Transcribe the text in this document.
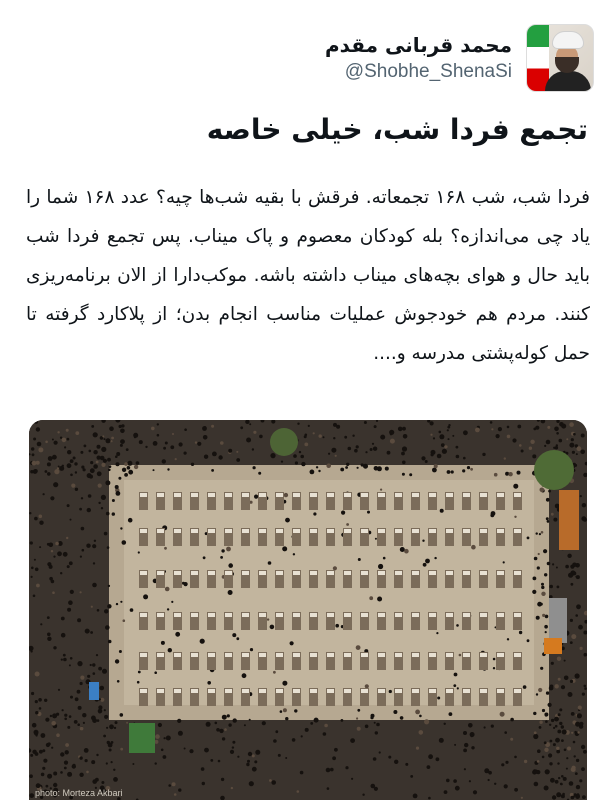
محمد قربانی مقدم
@Shobhe_ShenaSi
تجمع فردا شب، خیلی خاصه
فردا شب، شب ۱۶۸ تجمعاته. فرقش با بقیه شب‌ها چیه؟ عدد ۱۶۸ شما را یاد چی می‌اندازه؟ بله کودکان معصوم و پاک میناب. پس تجمع فردا شب باید حال و هوای بچه‌های میناب داشته باشه. موکب‌دارا از الان برنامه‌ریزی کنند. مردم هم خودجوش عملیات مناسب انجام بدن؛ از پلاکارد گرفته تا حمل کوله‌پشتی مدرسه و....
photo: Morteza Akbari
